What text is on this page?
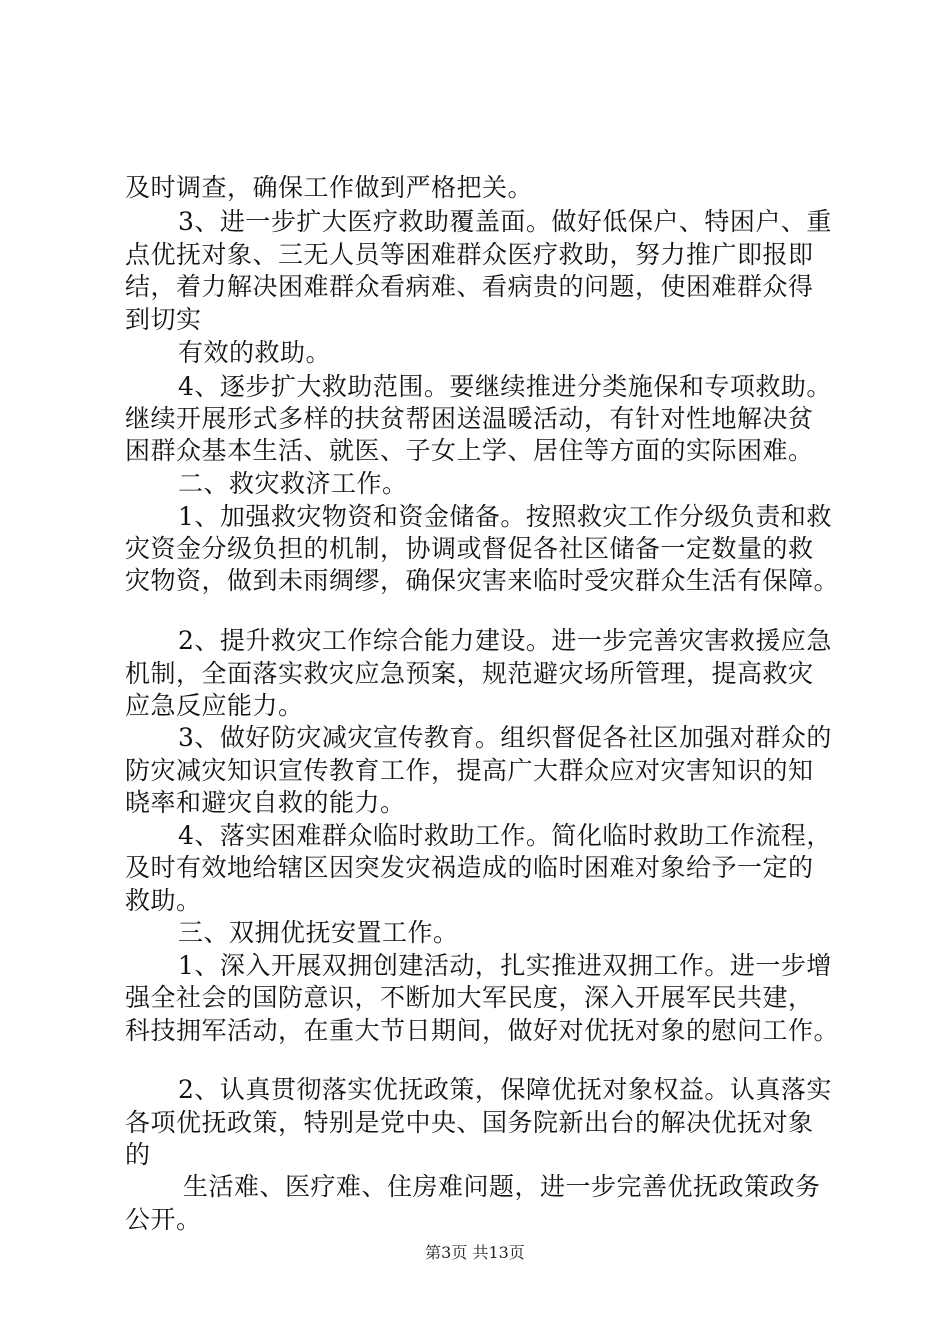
及时调查，确保工作做到严格把关。
3、进一步扩大医疗救助覆盖面。做好低保户、特困户、重
点优抚对象、三无人员等困难群众医疗救助，努力推广即报即
结，着力解决困难群众看病难、看病贵的问题，使困难群众得
到切实
有效的救助。
4、逐步扩大救助范围。要继续推进分类施保和专项救助。
继续开展形式多样的扶贫帮困送温暖活动，有针对性地解决贫
困群众基本生活、就医、子女上学、居住等方面的实际困难。
二、救灾救济工作。
1、加强救灾物资和资金储备。按照救灾工作分级负责和救
灾资金分级负担的机制，协调或督促各社区储备一定数量的救
灾物资，做到未雨绸缪，确保灾害来临时受灾群众生活有保障。
2、提升救灾工作综合能力建设。进一步完善灾害救援应急
机制，全面落实救灾应急预案，规范避灾场所管理，提高救灾
应急反应能力。
3、做好防灾减灾宣传教育。组织督促各社区加强对群众的
防灾减灾知识宣传教育工作，提高广大群众应对灾害知识的知
晓率和避灾自救的能力。
4、落实困难群众临时救助工作。简化临时救助工作流程，
及时有效地给辖区因突发灾祸造成的临时困难对象给予一定的
救助。
三、双拥优抚安置工作。
1、深入开展双拥创建活动，扎实推进双拥工作。进一步增
强全社会的国防意识，不断加大军民度，深入开展军民共建，
科技拥军活动，在重大节日期间，做好对优抚对象的慰问工作。
2、认真贯彻落实优抚政策，保障优抚对象权益。认真落实
各项优抚政策，特别是党中央、国务院新出台的解决优抚对象
的
生活难、医疗难、住房难问题，进一步完善优抚政策政务
公开。
第3页 共13页
